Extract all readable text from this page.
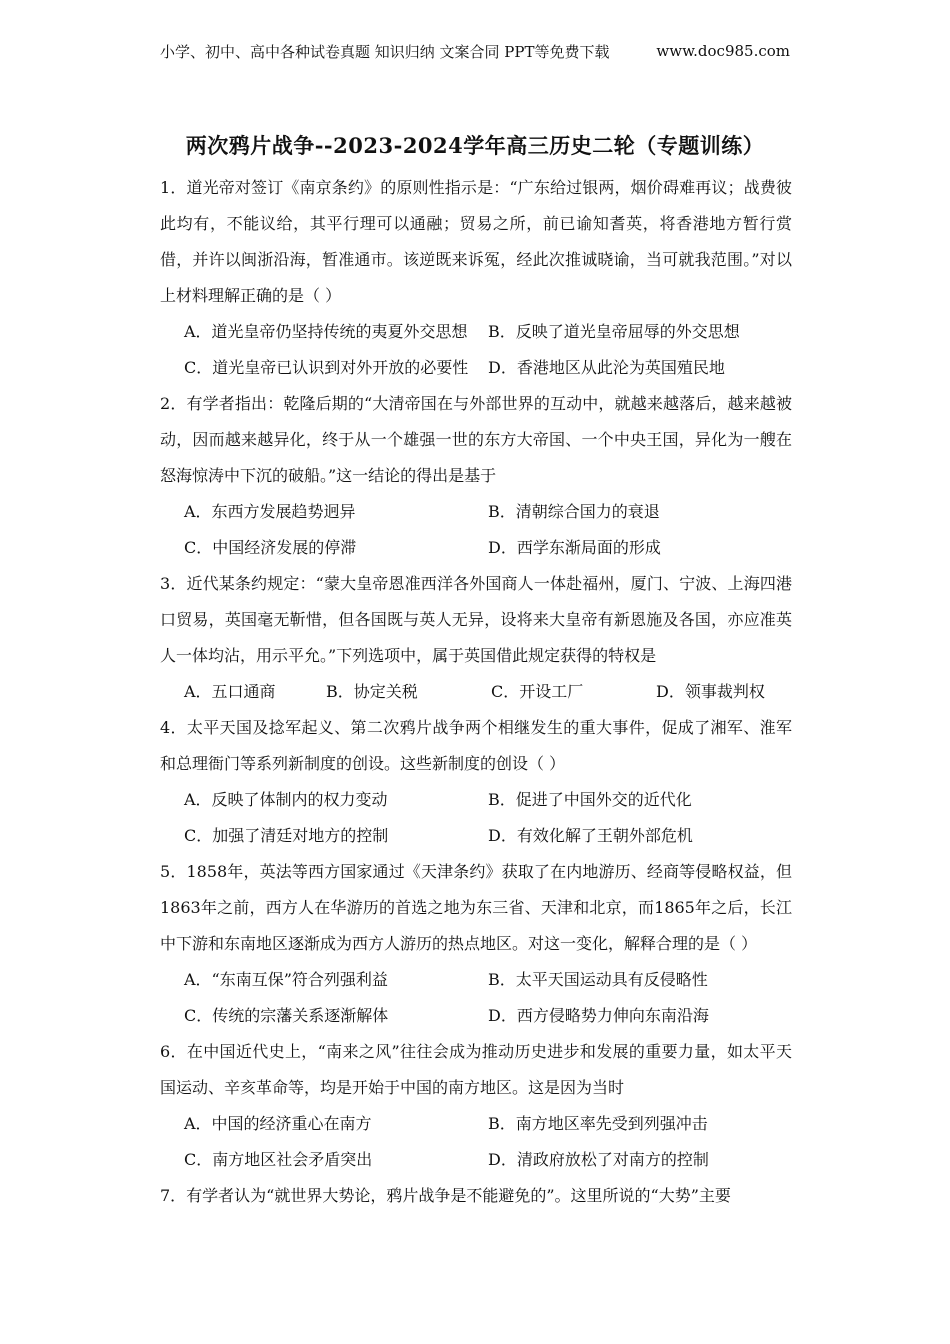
小学、初中、高中各种试卷真题 知识归纳 文案合同 PPT等免费下载	www.doc985.com
两次鸦片战争--2023-2024学年高三历史二轮（专题训练）
1．道光帝对签订《南京条约》的原则性指示是：“广东给过银两，烟价碍难再议；战费彼此均有，不能议给，其平行理可以通融；贸易之所，前已谕知耆英，将香港地方暂行赏借，并许以闽浙沿海，暂准通市。该逆既来诉冤，经此次推诚晓谕，当可就我范围。”对以上材料理解正确的是（ ）
A．道光皇帝仍坚持传统的夷夏外交思想	B．反映了道光皇帝屈辱的外交思想
C．道光皇帝已认识到对外开放的必要性	D．香港地区从此沦为英国殖民地
2．有学者指出：乾隆后期的“大清帝国在与外部世界的互动中，就越来越落后，越来越被动，因而越来越异化，终于从一个雄强一世的东方大帝国、一个中央王国，异化为一艘在怒海惊涛中下沉的破船。”这一结论的得出是基于
A．东西方发展趋势迥异	B．清朝综合国力的衰退
C．中国经济发展的停滞	D．西学东渐局面的形成
3．近代某条约规定：“蒙大皇帝恩准西洋各外国商人一体赴福州，厦门、宁波、上海四港口贸易，英国毫无靳惜，但各国既与英人无异，设将来大皇帝有新恩施及各国，亦应准英人一体均沾，用示平允。”下列选项中，属于英国借此规定获得的特权是
A．五口通商	B．协定关税	C．开设工厂	D．领事裁判权
4．太平天国及捻军起义、第二次鸦片战争两个相继发生的重大事件，促成了湘军、淮军和总理衙门等系列新制度的创设。这些新制度的创设（ ）
A．反映了体制内的权力变动	B．促进了中国外交的近代化
C．加强了清廷对地方的控制	D．有效化解了王朝外部危机
5．1858年，英法等西方国家通过《天津条约》获取了在内地游历、经商等侵略权益，但1863年之前，西方人在华游历的首选之地为东三省、天津和北京，而1865年之后，长江中下游和东南地区逐渐成为西方人游历的热点地区。对这一变化，解释合理的是（ ）
A．“东南互保”符合列强利益	B．太平天国运动具有反侵略性
C．传统的宗藩关系逐渐解体	D．西方侵略势力伸向东南沿海
6．在中国近代史上，“南来之风”往往会成为推动历史进步和发展的重要力量，如太平天国运动、辛亥革命等，均是开始于中国的南方地区。这是因为当时
A．中国的经济重心在南方	B．南方地区率先受到列强冲击
C．南方地区社会矛盾突出	D．清政府放松了对南方的控制
7．有学者认为“就世界大势论，鸦片战争是不能避免的”。这里所说的“大势”主要
